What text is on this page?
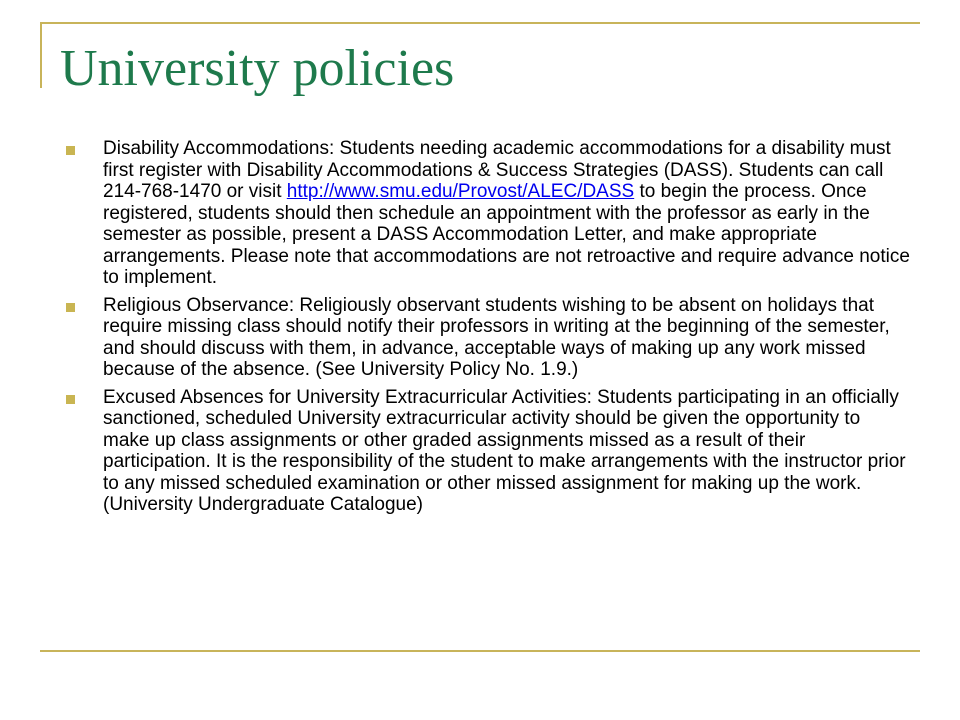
University policies
Disability Accommodations: Students needing academic accommodations for a disability must first register with Disability Accommodations & Success Strategies (DASS). Students can call 214-768-1470 or visit http://www.smu.edu/Provost/ALEC/DASS to begin the process. Once registered, students should then schedule an appointment with the professor as early in the semester as possible, present a DASS Accommodation Letter, and make appropriate arrangements. Please note that accommodations are not retroactive and require advance notice to implement.
Religious Observance: Religiously observant students wishing to be absent on holidays that require missing class should notify their professors in writing at the beginning of the semester, and should discuss with them, in advance, acceptable ways of making up any work missed because of the absence. (See University Policy No. 1.9.)
Excused Absences for University Extracurricular Activities: Students participating in an officially sanctioned, scheduled University extracurricular activity should be given the opportunity to make up class assignments or other graded assignments missed as a result of their participation. It is the responsibility of the student to make arrangements with the instructor prior to any missed scheduled examination or other missed assignment for making up the work. (University Undergraduate Catalogue)
